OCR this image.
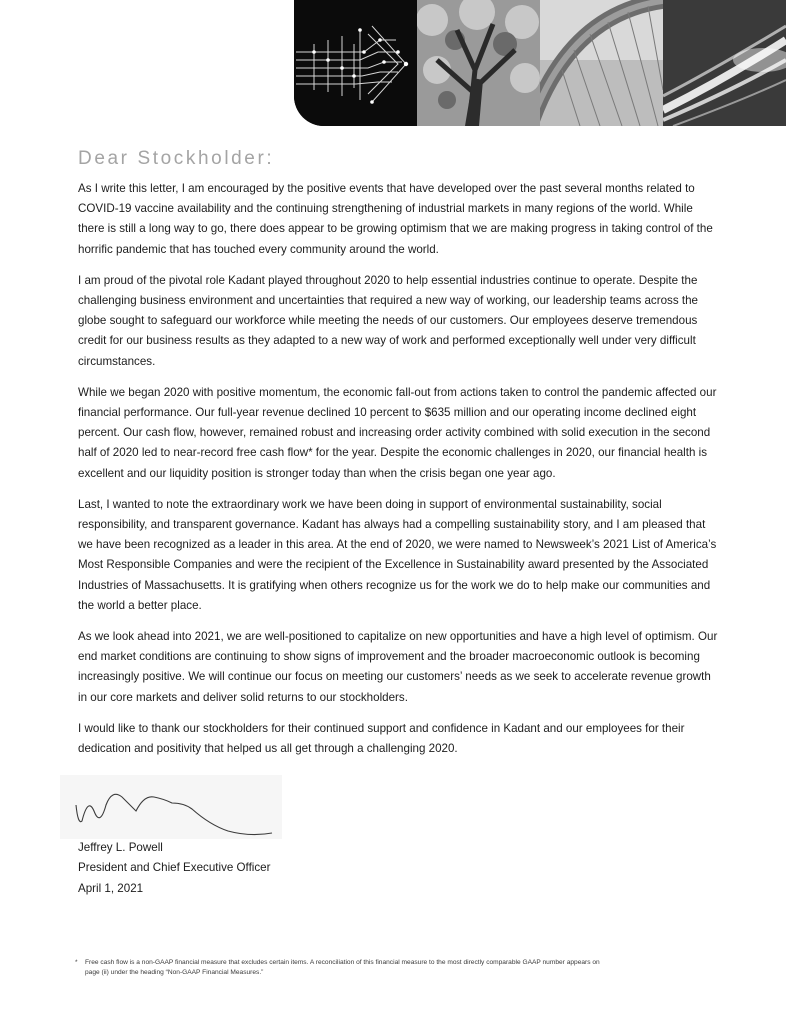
Dear Stockholder:

As I write this letter, I am encouraged by the positive events that have developed over the past several months related to COVID-19 vaccine availability and the continuing strengthening of industrial markets in many regions of the world. While there is still a long way to go, there does appear to be growing optimism that we are making progress in taking control of the horrific pandemic that has touched every community around the world.

I am proud of the pivotal role Kadant played throughout 2020 to help essential industries continue to operate. Despite the challenging business environment and uncertainties that required a new way of working, our leadership teams across the globe sought to safeguard our workforce while meeting the needs of our customers. Our employees deserve tremendous credit for our business results as they adapted to a new way of work and performed exceptionally well under very difficult circumstances.

While we began 2020 with positive momentum, the economic fall-out from actions taken to control the pandemic affected our financial performance. Our full-year revenue declined 10 percent to $635 million and our operating income declined eight percent. Our cash flow, however, remained robust and increasing order activity combined with solid execution in the second half of 2020 led to near-record free cash flow* for the year. Despite the economic challenges in 2020, our financial health is excellent and our liquidity position is stronger today than when the crisis began one year ago.

Last, I wanted to note the extraordinary work we have been doing in support of environmental sustainability, social responsibility, and transparent governance. Kadant has always had a compelling sustainability story, and I am pleased that we have been recognized as a leader in this area. At the end of 2020, we were named to Newsweek’s 2021 List of America’s Most Responsible Companies and were the recipient of the Excellence in Sustainability award presented by the Associated Industries of Massachusetts. It is gratifying when others recognize us for the work we do to help make our communities and the world a better place.

As we look ahead into 2021, we are well-positioned to capitalize on new opportunities and have a high level of optimism. Our end market conditions are continuing to show signs of improvement and the broader macroeconomic outlook is becoming increasingly positive. We will continue our focus on meeting our customers’ needs as we seek to accelerate revenue growth in our core markets and deliver solid returns to our stockholders.

I would like to thank our stockholders for their continued support and confidence in Kadant and our employees for their dedication and positivity that helped us all get through a challenging 2020.

Jeffrey L. Powell
President and Chief Executive Officer
April 1, 2021
* Free cash flow is a non-GAAP financial measure that excludes certain items. A reconciliation of this financial measure to the most directly comparable GAAP number appears on
page (ii) under the heading “Non-GAAP Financial Measures.”
